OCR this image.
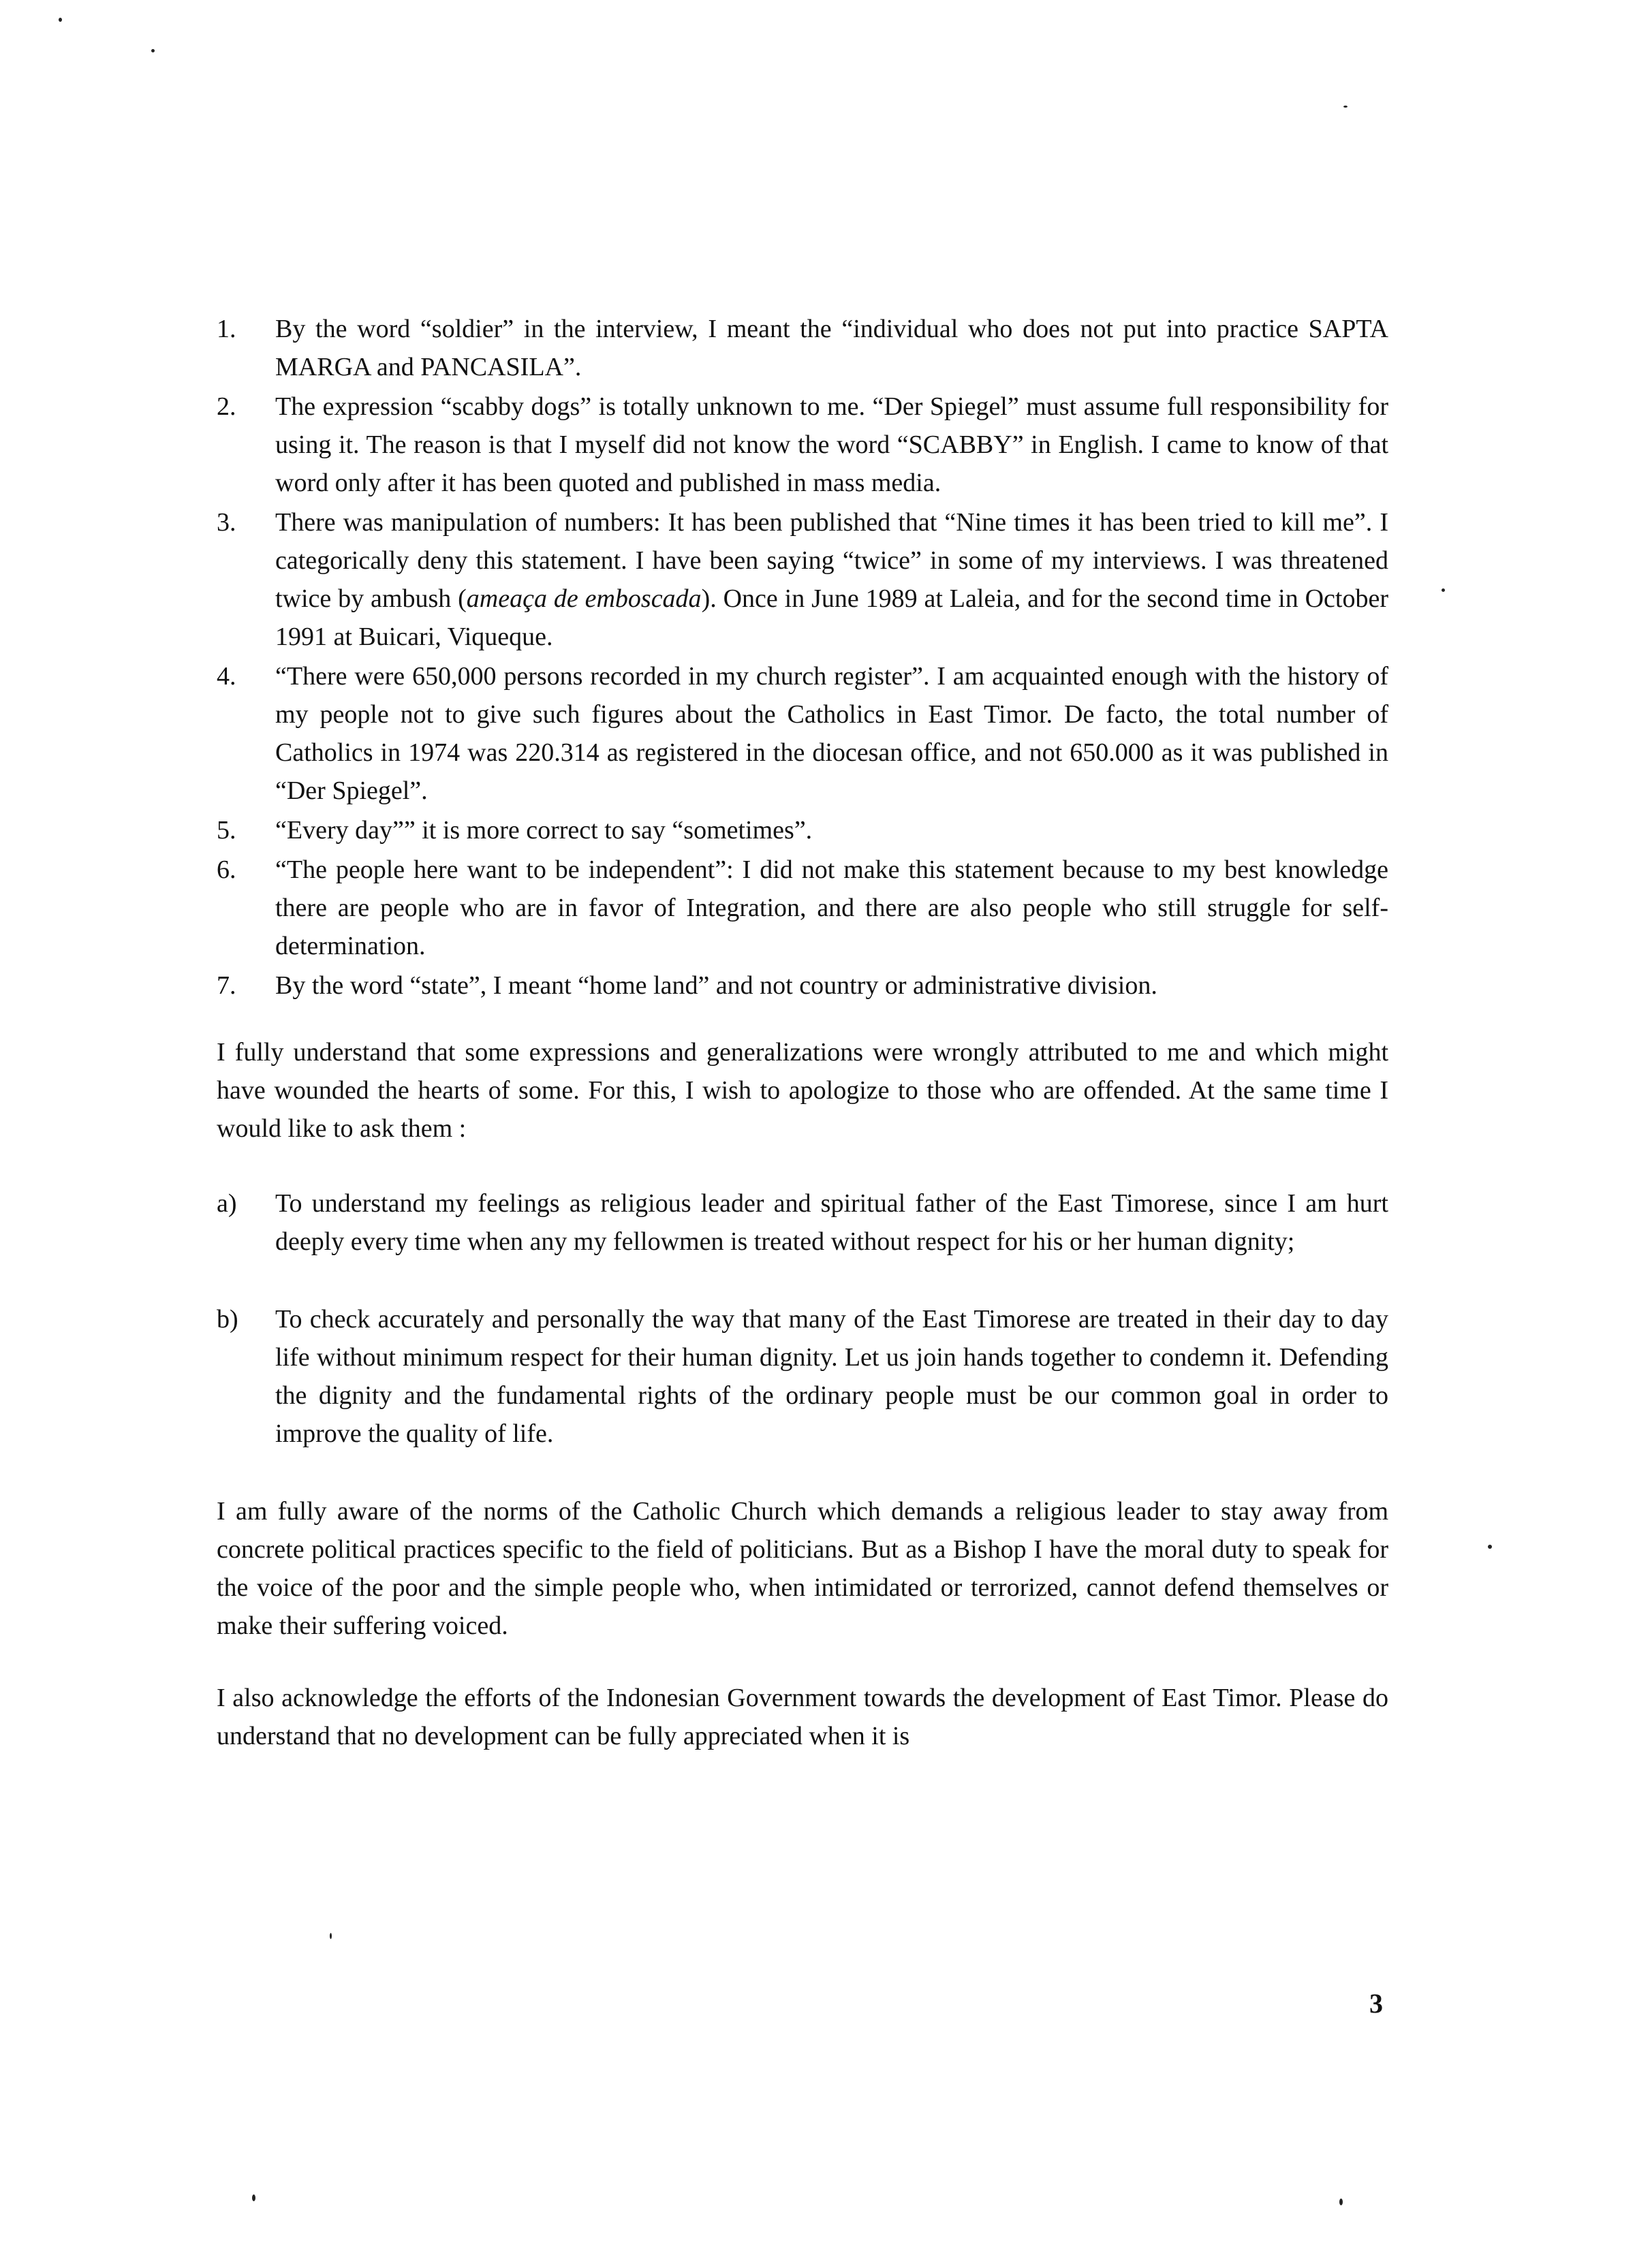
1.	By the word “soldier” in the interview, I meant the “individual who does not put into practice SAPTA MARGA and PANCASILA”.
2.	The expression “scabby dogs” is totally unknown to me. “Der Spiegel” must assume full responsibility for using it. The reason is that I myself did not know the word “SCABBY” in English. I came to know of that word only after it has been quoted and published in mass media.
3.	There was manipulation of numbers: It has been published that “Nine times it has been tried to kill me”. I categorically deny this statement. I have been saying “twice” in some of my interviews. I was threatened twice by ambush (ameaça de emboscada). Once in June 1989 at Laleia, and for the second time in October 1991 at Buicari, Viqueque.
4.	“There were 650,000 persons recorded in my church register”. I am acquainted enough with the history of my people not to give such figures about the Catholics in East Timor. De facto, the total number of Catholics in 1974 was 220.314 as registered in the diocesan office, and not 650.000 as it was published in “Der Spiegel”.
5.	“Every day”” it is more correct to say “sometimes”.
6.	“The people here want to be independent”: I did not make this statement because to my best knowledge there are people who are in favor of Integration, and there are also people who still struggle for self-determination.
7.	By the word “state”, I meant “home land” and not country or administrative division.

I fully understand that some expressions and generalizations were wrongly attributed to me and which might have wounded the hearts of some. For this, I wish to apologize to those who are offended. At the same time I would like to ask them :

a)	To understand my feelings as religious leader and spiritual father of the East Timorese, since I am hurt deeply every time when any my fellowmen is treated without respect for his or her human dignity;
b)	To check accurately and personally the way that many of the East Timorese are treated in their day to day life without minimum respect for their human dignity. Let us join hands together to condemn it. Defending the dignity and the fundamental rights of the ordinary people must be our common goal in order to improve the quality of life.

I am fully aware of the norms of the Catholic Church which demands a religious leader to stay away from concrete political practices specific to the field of politicians. But as a Bishop I have the moral duty to speak for the voice of the poor and the simple people who, when intimidated or terrorized, cannot defend themselves or make their suffering voiced.

I also acknowledge the efforts of the Indonesian Government towards the development of East Timor. Please do understand that no development can be fully appreciated when it is

3
